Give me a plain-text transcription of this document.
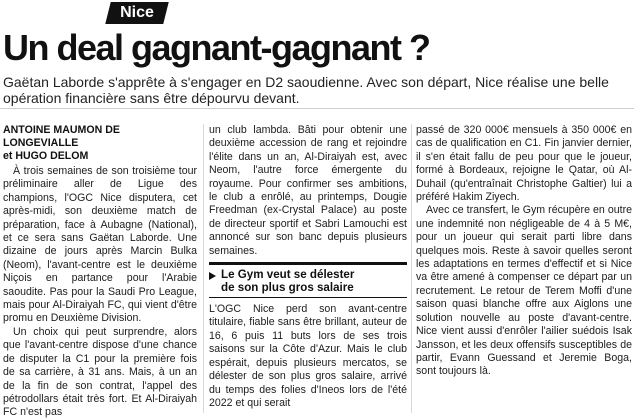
Nice
Un deal gagnant-gagnant ?

Gaëtan Laborde s'apprête à s'engager en D2 saoudienne. Avec son départ, Nice réalise une belle opération financière sans être dépourvu devant.

ANTOINE MAUMON DE LONGEVIALLE
et HUGO DELOM

À trois semaines de son troisième tour préliminaire aller de Ligue des champions, l'OGC Nice disputera, cet après-midi, son deuxième match de préparation, face à Aubagne (National), et ce sera sans Gaëtan Laborde. Une dizaine de jours après Marcin Bulka (Neom), l'avant-centre est le deuxième Niçois en partance pour l'Arabie saoudite. Pas pour la Saudi Pro League, mais pour Al-Diraiyah FC, qui vient d'être promu en Deuxième Division.

Un choix qui peut surprendre, alors que l'avant-centre dispose d'une chance de disputer la C1 pour la première fois de sa carrière, à 31 ans. Mais, à un an de la fin de son contrat, l'appel des pétrodollars était très fort. Et Al-Diraiyah FC n'est pas

un club lambda. Bâti pour obtenir une deuxième accession de rang et rejoindre l'élite dans un an, Al-Diraiyah est, avec Neom, l'autre force émergente du royaume. Pour confirmer ses ambitions, le club a enrôlé, au printemps, Dougie Freedman (ex-Crystal Palace) au poste de directeur sportif et Sabri Lamouchi est annoncé sur son banc depuis plusieurs semaines.

Le Gym veut se délester
de son plus gros salaire

L'OGC Nice perd son avant-centre titulaire, fiable sans être brillant, auteur de 16, 6 puis 11 buts lors de ses trois saisons sur la Côte d'Azur. Mais le club espérait, depuis plusieurs mercatos, se délester de son plus gros salaire, arrivé du temps des folies d'Ineos lors de l'été 2022 et qui serait

passé de 320 000€ mensuels à 350 000€ en cas de qualification en C1. Fin janvier dernier, il s'en était fallu de peu pour que le joueur, formé à Bordeaux, rejoigne le Qatar, où Al-Duhail (qu'entraînait Christophe Galtier) lui a préféré Hakim Ziyech.

Avec ce transfert, le Gym récupère en outre une indemnité non négligeable de 4 à 5 M€, pour un joueur qui serait parti libre dans quelques mois. Reste à savoir quelles seront les adaptations en termes d'effectif et si Nice va être amené à compenser ce départ par un recrutement. Le retour de Terem Moffi d'une saison quasi blanche offre aux Aiglons une solution nouvelle au poste d'avant-centre. Nice vient aussi d'enrôler l'ailier suédois Isak Jansson, et les deux offensifs susceptibles de partir, Evann Guessand et Jeremie Boga, sont toujours là.
